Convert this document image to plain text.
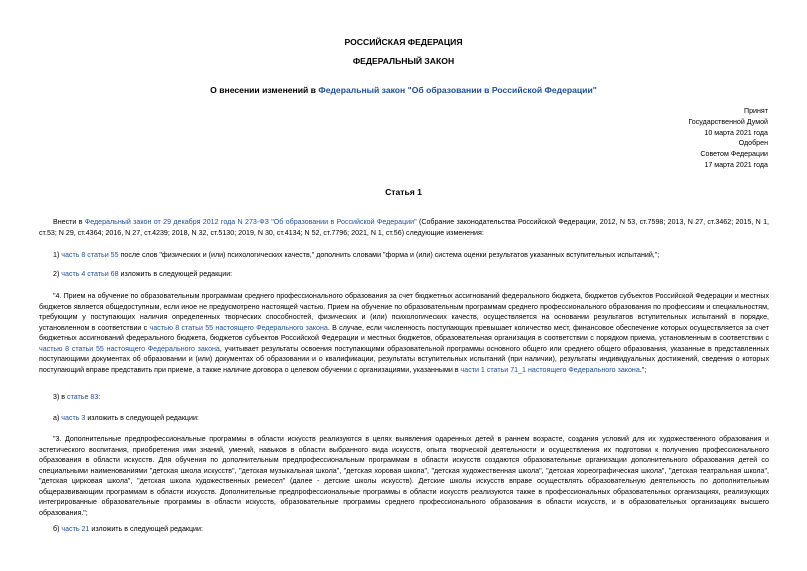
РОССИЙСКАЯ ФЕДЕРАЦИЯ
ФЕДЕРАЛЬНЫЙ ЗАКОН
О внесении изменений в Федеральный закон "Об образовании в Российской Федерации"
Принят
Государственной Думой
10 марта 2021 года
Одобрен
Советом Федерации
17 марта 2021 года
Статья 1
Внести в Федеральный закон от 29 декабря 2012 года N 273-ФЗ "Об образовании в Российской Федерации" (Собрание законодательства Российской Федерации, 2012, N 53, ст.7598; 2013, N 27, ст.3462; 2015, N 1, ст.53; N 29, ст.4364; 2016, N 27, ст.4239; 2018, N 32, ст.5130; 2019, N 30, ст.4134; N 52, ст.7796; 2021, N 1, ст.56) следующие изменения:
1) часть 8 статьи 55 после слов "физических и (или) психологических качеств," дополнить словами "форма и (или) система оценки результатов указанных вступительных испытаний,";
2) часть 4 статьи 68 изложить в следующей редакции:
"4. Прием на обучение по образовательным программам среднего профессионального образования за счет бюджетных ассигнований федерального бюджета, бюджетов субъектов Российской Федерации и местных бюджетов является общедоступным, если иное не предусмотрено настоящей частью. Прием на обучение по образовательным программам среднего профессионального образования по профессиям и специальностям, требующим у поступающих наличия определенных творческих способностей, физических и (или) психологических качеств, осуществляется на основании результатов вступительных испытаний в порядке, установленном в соответствии с частью 8 статьи 55 настоящего Федерального закона. В случае, если численность поступающих превышает количество мест, финансовое обеспечение которых осуществляется за счет бюджетных ассигнований федерального бюджета, бюджетов субъектов Российской Федерации и местных бюджетов, образовательная организация в соответствии с порядком приема, установленным в соответствии с частью 8 статьи 55 настоящего Федерального закона, учитывает результаты освоения поступающими образовательной программы основного общего или среднего общего образования, указанные в представленных поступающими документах об образовании и (или) документах об образовании и о квалификации, результаты вступительных испытаний (при наличии), результаты индивидуальных достижений, сведения о которых поступающий вправе представить при приеме, а также наличие договора о целевом обучении с организациями, указанными в части 1 статьи 71_1 настоящего Федерального закона.";
3) в статье 83:
а) часть 3 изложить в следующей редакции:
"3. Дополнительные предпрофессиональные программы в области искусств реализуются в целях выявления одаренных детей в раннем возрасте, создания условий для их художественного образования и эстетического воспитания, приобретения ими знаний, умений, навыков в области выбранного вида искусств, опыта творческой деятельности и осуществления их подготовки к получению профессионального образования в области искусств. Для обучения по дополнительным предпрофессиональным программам в области искусств создаются образовательные организации дополнительного образования детей со специальными наименованиями "детская школа искусств", "детская музыкальная школа", "детская хоровая школа", "детская художественная школа", "детская хореографическая школа", "детская театральная школа", "детская цирковая школа", "детская школа художественных ремесел" (далее - детские школы искусств). Детские школы искусств вправе осуществлять образовательную деятельность по дополнительным общеразвивающим программам в области искусств. Дополнительные предпрофессиональные программы в области искусств реализуются также в профессиональных образовательных организациях, реализующих интегрированные образовательные программы в области искусств, образовательные программы среднего профессионального образования в области искусств, и в образовательных организациях высшего образования.";
б) часть 21 изложить в следующей редакции:
